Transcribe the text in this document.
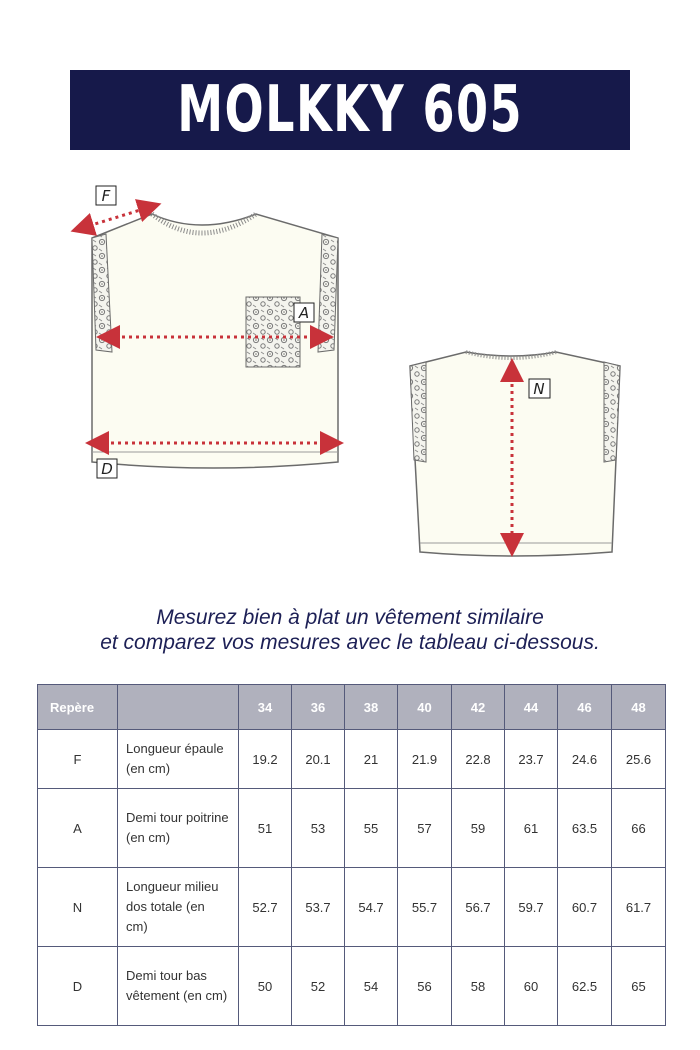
MOLKKY 605
F
A
D
N
Mesurez bien à plat un vêtement similaire
et comparez vos mesures avec le tableau ci-dessous.
Repère		34	36	38	40	42	44	46	48
F	Longueur épaule (en cm)	19.2	20.1	21	21.9	22.8	23.7	24.6	25.6
A	Demi tour poitrine (en cm)	51	53	55	57	59	61	63.5	66
N	Longueur milieu dos totale (en cm)	52.7	53.7	54.7	55.7	56.7	59.7	60.7	61.7
D	Demi tour bas vêtement (en cm)	50	52	54	56	58	60	62.5	65
